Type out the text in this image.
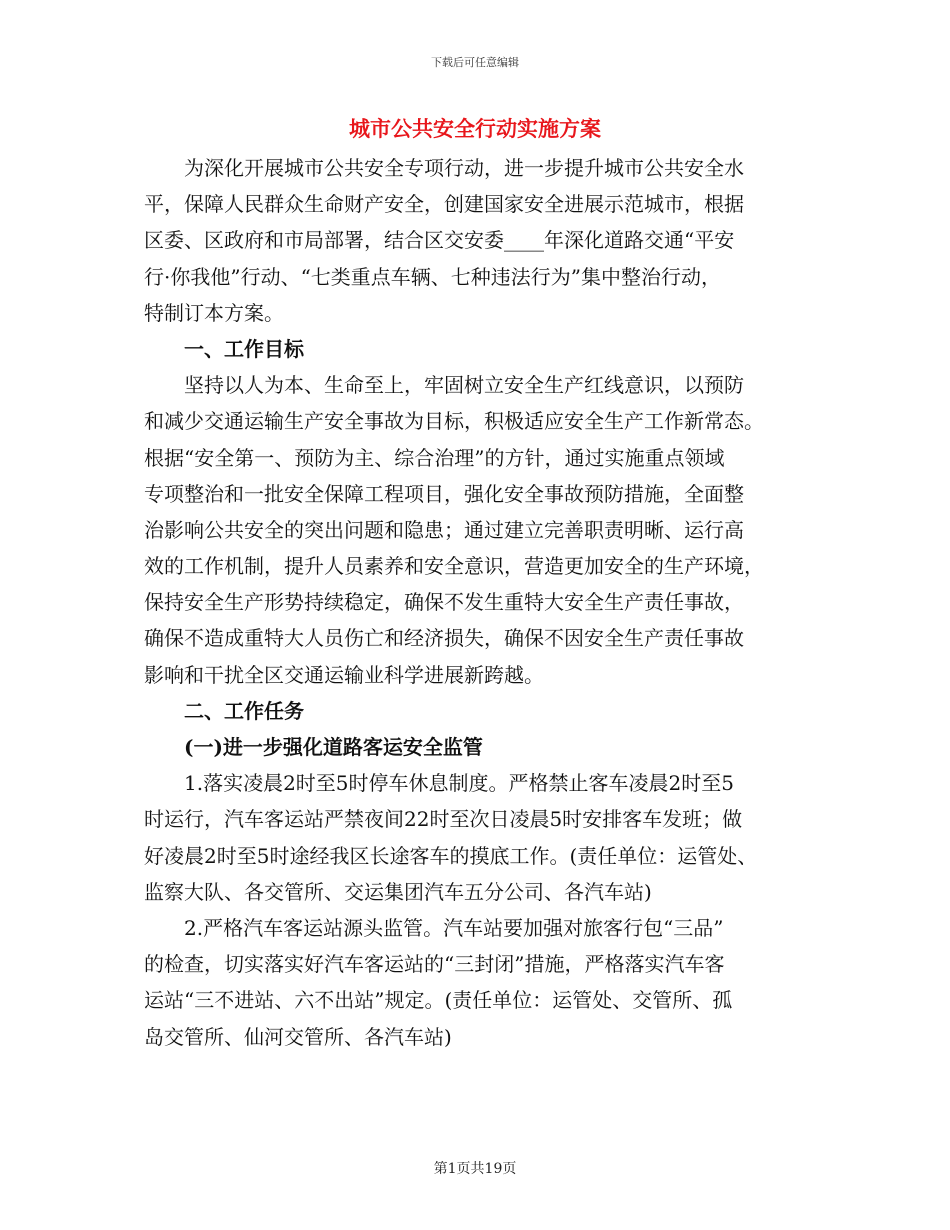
下载后可任意编辑
城市公共安全行动实施方案
为深化开展城市公共安全专项行动，进一步提升城市公共安全水
平，保障人民群众生命财产安全，创建国家安全进展示范城市，根据
区委、区政府和市局部署，结合区交安委____年深化道路交通“平安
行·你我他”行动、“七类重点车辆、七种违法行为”集中整治行动，
特制订本方案。
一、工作目标
坚持以人为本、生命至上，牢固树立安全生产红线意识，以预防
和减少交通运输生产安全事故为目标，积极适应安全生产工作新常态。
根据“安全第一、预防为主、综合治理”的方针，通过实施重点领域
专项整治和一批安全保障工程项目，强化安全事故预防措施，全面整
治影响公共安全的突出问题和隐患；通过建立完善职责明晰、运行高
效的工作机制，提升人员素养和安全意识，营造更加安全的生产环境，
保持安全生产形势持续稳定，确保不发生重特大安全生产责任事故，
确保不造成重特大人员伤亡和经济损失，确保不因安全生产责任事故
影响和干扰全区交通运输业科学进展新跨越。
二、工作任务
(一)进一步强化道路客运安全监管
1.落实凌晨2时至5时停车休息制度。严格禁止客车凌晨2时至5
时运行，汽车客运站严禁夜间22时至次日凌晨5时安排客车发班；做
好凌晨2时至5时途经我区长途客车的摸底工作。(责任单位：运管处、
监察大队、各交管所、交运集团汽车五分公司、各汽车站)
2.严格汽车客运站源头监管。汽车站要加强对旅客行包“三品”
的检查，切实落实好汽车客运站的“三封闭”措施，严格落实汽车客
运站“三不进站、六不出站”规定。(责任单位：运管处、交管所、孤
岛交管所、仙河交管所、各汽车站)
第1页共19页
